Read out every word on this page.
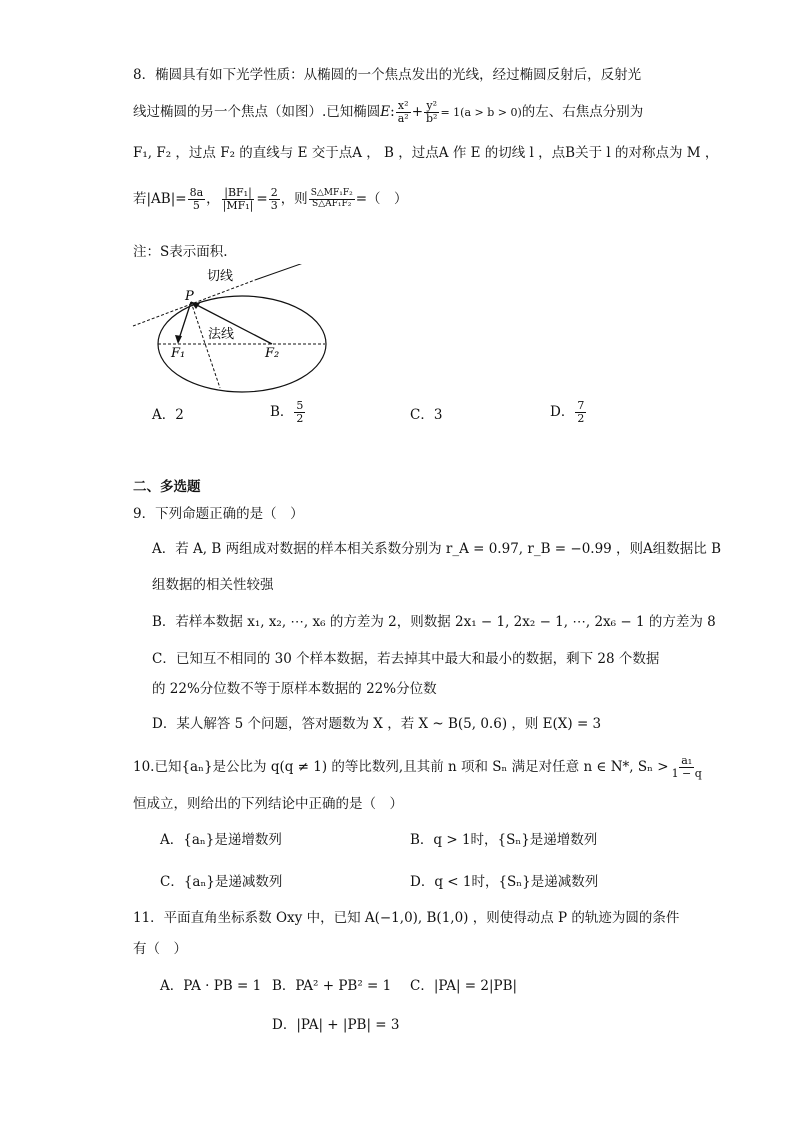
8．椭圆具有如下光学性质：从椭圆的一个焦点发出的光线，经过椭圆反射后，反射光
线过椭圆的另一个焦点（如图）.已知椭圆 E : $\frac{\text{x²}}{\text{a²}} + \frac{\text{y²}}{\text{b²}} = 1(a > b > 0)$ 的左、右焦点分别为
F₁, F₂ ，过点 F₂ 的直线与 E 交于点A ， B ，过点A 作 E 的切线 l ，点B关于 l 的对称点为 M ，
若 $|AB| = \frac{8a}{5}$ ， $\frac{\text{|BF₁|}}{\text{|MF₁|}} = \frac{2}{3}$ ，则 $\frac{\text{S△MF₁F₂}}{\text{S△AF₁F₂}}$ =（　）
注：S表示面积.
切线
法线
P
F₁	F₂
A．2	B． $\frac{5}{2}$	C．3	D． $\frac{7}{2}$
二、多选题
9．下列命题正确的是（　）
A．若 A, B 两组成对数据的样本相关系数分别为 r_A = 0.97, r_B = −0.99 ，则A组数据比 B
组数据的相关性较强
B．若样本数据 x₁, x₂, ⋯, x₆ 的方差为 2，则数据 2x₁ − 1, 2x₂ − 1, ⋯, 2x₆ − 1 的方差为 8
C．已知互不相同的 30 个样本数据，若去掉其中最大和最小的数据，剩下 28 个数据
的 22%分位数不等于原样本数据的 22%分位数
D．某人解答 5 个问题，答对题数为 X ，若 X ~ B(5, 0.6) ，则 E(X) = 3
10.已知{aₙ}是公比为 q(q ≠ 1) 的等比数列,且其前 n 项和 Sₙ 满足对任意 n ∈ N*, $S_n > \frac{\text{a₁}}{1 - q}$
恒成立，则给出的下列结论中正确的是（　）
A．{aₙ}是递增数列	B．q > 1时，{Sₙ}是递增数列
C．{aₙ}是递减数列	D．q < 1时，{Sₙ}是递减数列
11．平面直角坐标系数 Oxy 中，已知 A(−1,0), B(1,0) ，则使得动点 P 的轨迹为圆的条件
有（　）
A．PA · PB = 1 B．PA² + PB² = 1 C．|PA| = 2|PB|
D．|PA| + |PB| = 3
